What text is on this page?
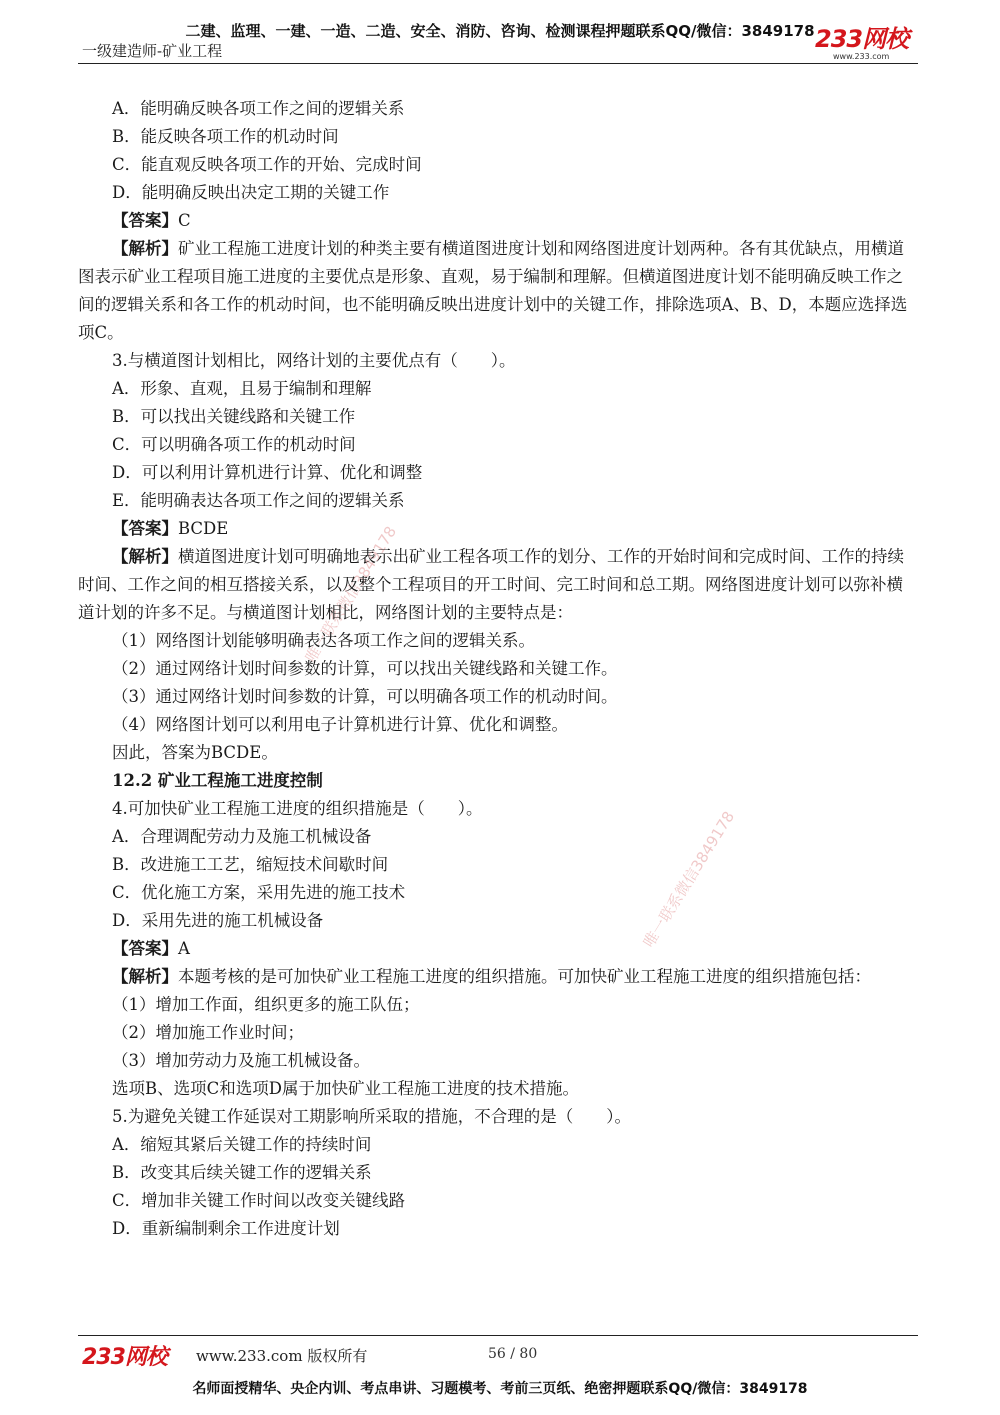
二建、监理、一建、一造、二造、安全、消防、咨询、检测课程押题联系QQ/微信：3849178
一级建造师-矿业工程	233网校
www.233.com
唯一联系微信3849178
唯一联系微信3849178

A．能明确反映各项工作之间的逻辑关系

B．能反映各项工作的机动时间

C．能直观反映各项工作的开始、完成时间

D．能明确反映出决定工期的关键工作

【答案】C

【解析】矿业工程施工进度计划的种类主要有横道图进度计划和网络图进度计划两种。各有其优缺点，用横道图表示矿业工程项目施工进度的主要优点是形象、直观，易于编制和理解。但横道图进度计划不能明确反映工作之间的逻辑关系和各工作的机动时间，也不能明确反映出进度计划中的关键工作，排除选项A、B、D，本题应选择选项C。

3.与横道图计划相比，网络计划的主要优点有（　　）。

A．形象、直观，且易于编制和理解

B．可以找出关键线路和关键工作

C．可以明确各项工作的机动时间

D．可以利用计算机进行计算、优化和调整

E．能明确表达各项工作之间的逻辑关系

【答案】BCDE

【解析】横道图进度计划可明确地表示出矿业工程各项工作的划分、工作的开始时间和完成时间、工作的持续时间、工作之间的相互搭接关系，以及整个工程项目的开工时间、完工时间和总工期。网络图进度计划可以弥补横道计划的许多不足。与横道图计划相比，网络图计划的主要特点是：

（1）网络图计划能够明确表达各项工作之间的逻辑关系。

（2）通过网络计划时间参数的计算，可以找出关键线路和关键工作。

（3）通过网络计划时间参数的计算，可以明确各项工作的机动时间。

（4）网络图计划可以利用电子计算机进行计算、优化和调整。

因此，答案为BCDE。

12.2 矿业工程施工进度控制

4.可加快矿业工程施工进度的组织措施是（　　）。

A．合理调配劳动力及施工机械设备

B．改进施工工艺，缩短技术间歇时间

C．优化施工方案，采用先进的施工技术

D．采用先进的施工机械设备

【答案】A

【解析】本题考核的是可加快矿业工程施工进度的组织措施。可加快矿业工程施工进度的组织措施包括：

（1）增加工作面，组织更多的施工队伍；

（2）增加施工作业时间；

（3）增加劳动力及施工机械设备。

选项B、选项C和选项D属于加快矿业工程施工进度的技术措施。

5.为避免关键工作延误对工期影响所采取的措施，不合理的是（　　）。

A．缩短其紧后关键工作的持续时间

B．改变其后续关键工作的逻辑关系

C．增加非关键工作时间以改变关键线路

D．重新编制剩余工作进度计划

233网校 www.233.com 版权所有	56 / 80
名师面授精华、央企内训、考点串讲、习题模考、考前三页纸、绝密押题联系QQ/微信：3849178
